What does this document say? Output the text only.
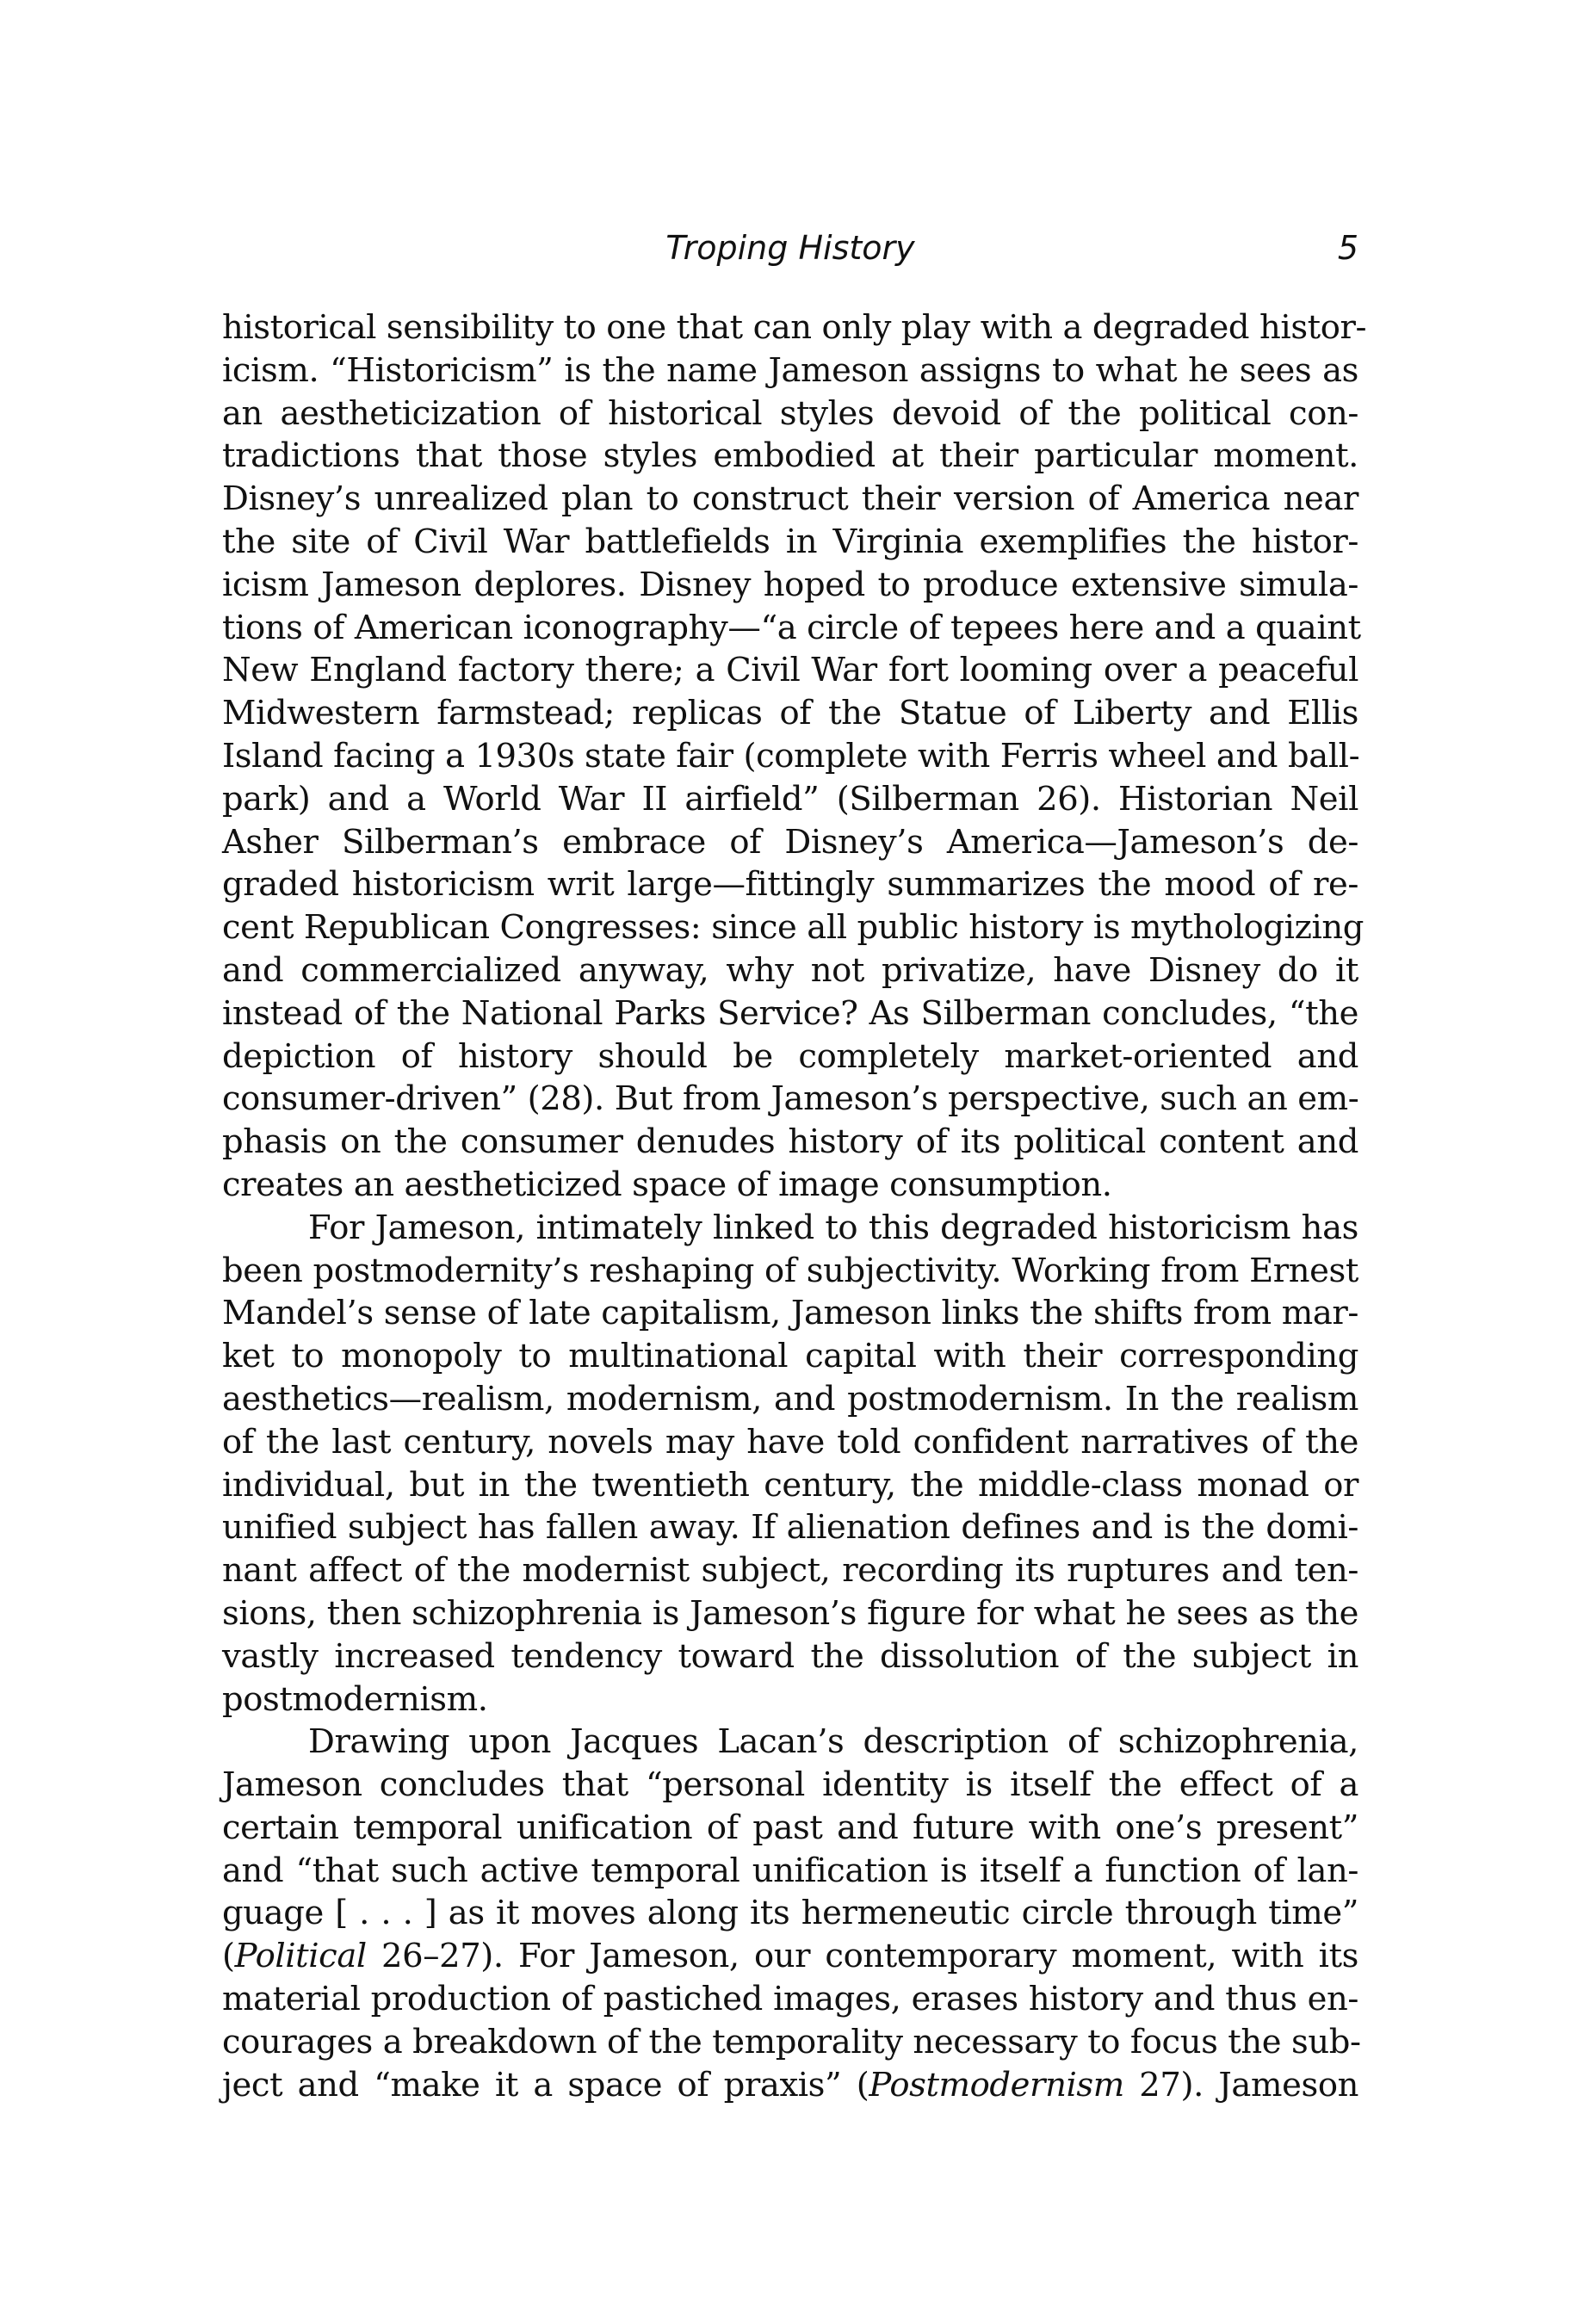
Troping History	5

historical sensibility to one that can only play with a degraded histor-
icism. “Historicism” is the name Jameson assigns to what he sees as
an aestheticization of historical styles devoid of the political con-
tradictions that those styles embodied at their particular moment.
Disney’s unrealized plan to construct their version of America near
the site of Civil War battlefields in Virginia exemplifies the histor-
icism Jameson deplores. Disney hoped to produce extensive simula-
tions of American iconography—“a circle of tepees here and a quaint
New England factory there; a Civil War fort looming over a peaceful
Midwestern farmstead; replicas of the Statue of Liberty and Ellis
Island facing a 1930s state fair (complete with Ferris wheel and ball-
park) and a World War II airfield” (Silberman 26). Historian Neil
Asher Silberman’s embrace of Disney’s America—Jameson’s de-
graded historicism writ large—fittingly summarizes the mood of re-
cent Republican Congresses: since all public history is mythologizing
and commercialized anyway, why not privatize, have Disney do it
instead of the National Parks Service? As Silberman concludes, “the
depiction of history should be completely market-oriented and
consumer-driven” (28). But from Jameson’s perspective, such an em-
phasis on the consumer denudes history of its political content and
creates an aestheticized space of image consumption.

For Jameson, intimately linked to this degraded historicism has
been postmodernity’s reshaping of subjectivity. Working from Ernest
Mandel’s sense of late capitalism, Jameson links the shifts from mar-
ket to monopoly to multinational capital with their corresponding
aesthetics—realism, modernism, and postmodernism. In the realism
of the last century, novels may have told confident narratives of the
individual, but in the twentieth century, the middle-class monad or
unified subject has fallen away. If alienation defines and is the domi-
nant affect of the modernist subject, recording its ruptures and ten-
sions, then schizophrenia is Jameson’s figure for what he sees as the
vastly increased tendency toward the dissolution of the subject in
postmodernism.

Drawing upon Jacques Lacan’s description of schizophrenia,
Jameson concludes that “personal identity is itself the effect of a
certain temporal unification of past and future with one’s present”
and “that such active temporal unification is itself a function of lan-
guage [ . . . ] as it moves along its hermeneutic circle through time”
(Political 26–27). For Jameson, our contemporary moment, with its
material production of pastiched images, erases history and thus en-
courages a breakdown of the temporality necessary to focus the sub-
ject and “make it a space of praxis” (Postmodernism 27). Jameson
